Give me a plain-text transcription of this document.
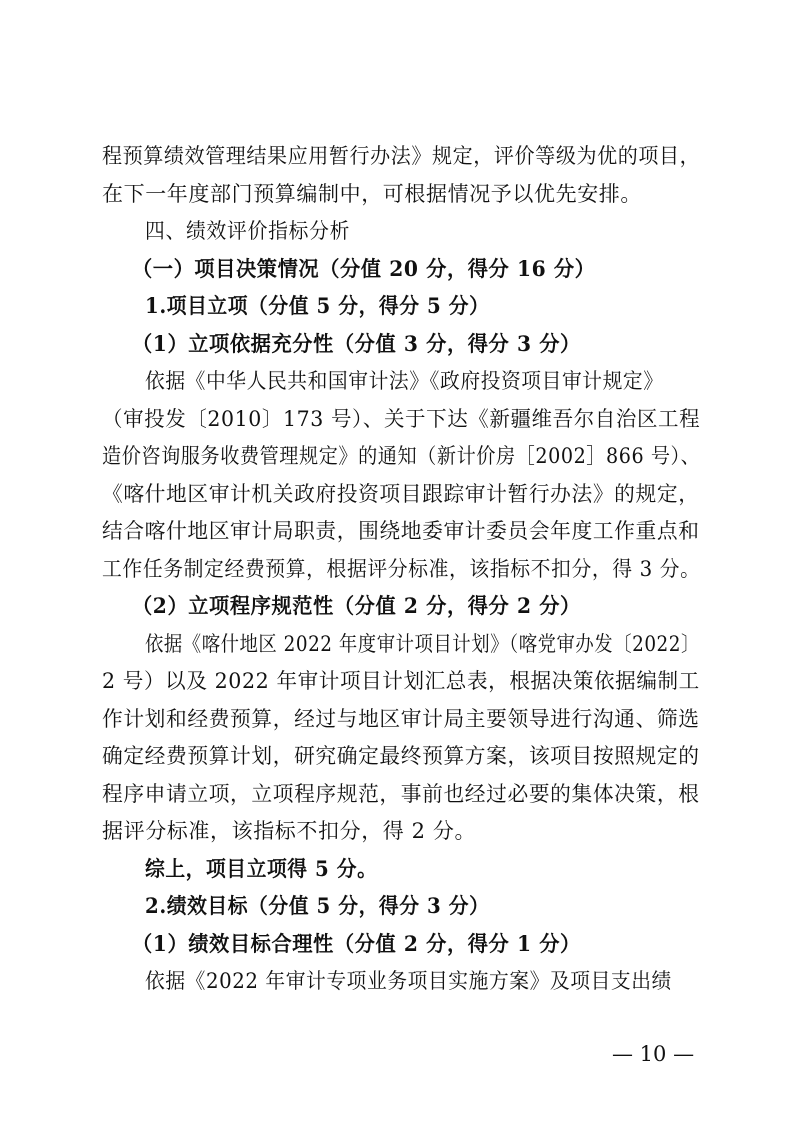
程预算绩效管理结果应用暂行办法》规定，评价等级为优的项目，
在下一年度部门预算编制中，可根据情况予以优先安排。
四、绩效评价指标分析
（一）项目决策情况（分值 20 分，得分 16 分）
1.项目立项（分值 5 分，得分 5 分）
（1）立项依据充分性（分值 3 分，得分 3 分）
依据《中华人民共和国审计法》《政府投资项目审计规定》
（审投发〔2010〕173 号）、关于下达《新疆维吾尔自治区工程
造价咨询服务收费管理规定》的通知（新计价房［2002］866 号）、
《喀什地区审计机关政府投资项目跟踪审计暂行办法》的规定，
结合喀什地区审计局职责，围绕地委审计委员会年度工作重点和
工作任务制定经费预算，根据评分标准，该指标不扣分，得 3 分。
（2）立项程序规范性（分值 2 分，得分 2 分）
依据《喀什地区 2022 年度审计项目计划》（喀党审办发〔2022〕
2 号）以及 2022 年审计项目计划汇总表，根据决策依据编制工
作计划和经费预算，经过与地区审计局主要领导进行沟通、筛选
确定经费预算计划，研究确定最终预算方案，该项目按照规定的
程序申请立项，立项程序规范，事前也经过必要的集体决策，根
据评分标准，该指标不扣分，得 2 分。
综上，项目立项得 5 分。
2.绩效目标（分值 5 分，得分 3 分）
（1）绩效目标合理性（分值 2 分，得分 1 分）
依据《2022 年审计专项业务项目实施方案》及项目支出绩
— 10 —
